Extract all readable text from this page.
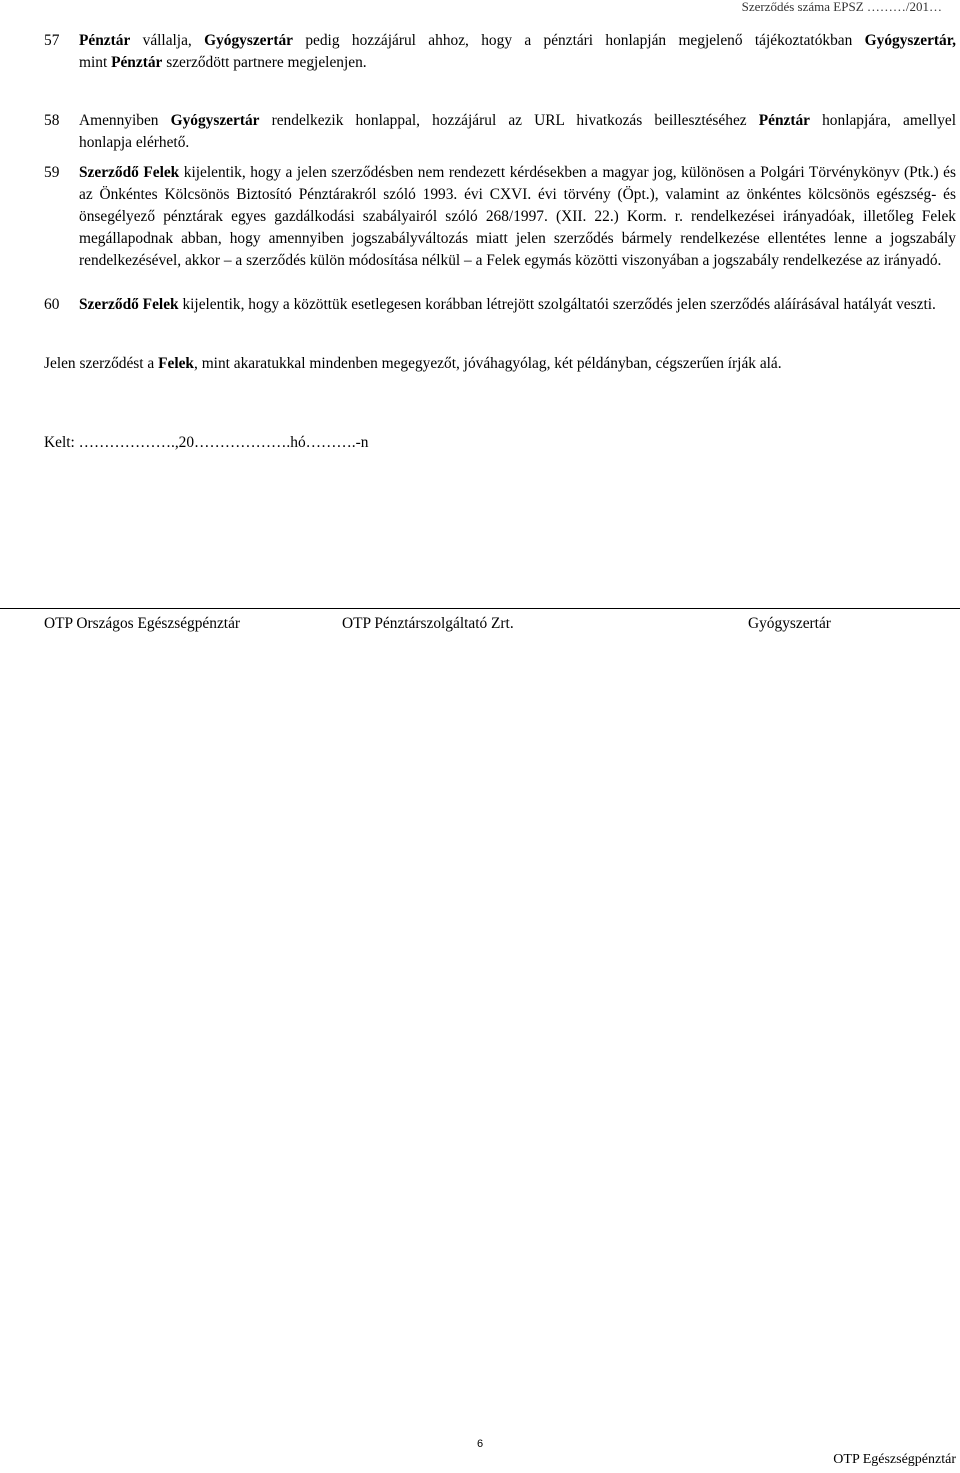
Szerződés száma EPSZ ………/201…
57 Pénztár vállalja, Gyógyszertár pedig hozzájárul ahhoz, hogy a pénztári honlapján megjelenő tájékoztatókban Gyógyszertár,
mint Pénztár szerződött partnere megjelenjen.
58 Amennyiben Gyógyszertár rendelkezik honlappal, hozzájárul az URL hivatkozás beillesztéséhez Pénztár honlapjára, amellyel
honlapja elérhető.
59 Szerződő Felek kijelentik, hogy a jelen szerződésben nem rendezett kérdésekben a magyar jog, különösen a Polgári Törvénykönyv (Ptk.) és az Önkéntes Kölcsönös Biztosító Pénztárakról szóló 1993. évi CXVI. évi törvény (Öpt.), valamint az önkéntes kölcsönös egészség- és önsegélyező pénztárak egyes gazdálkodási szabályairól szóló 268/1997. (XII. 22.) Korm. r. rendelkezései irányadóak, illetőleg Felek megállapodnak abban, hogy amennyiben jogszabályváltozás miatt jelen szerződés bármely rendelkezése ellentétes lenne a jogszabály rendelkezésével, akkor – a szerződés külön módosítása nélkül – a Felek egymás közötti viszonyában a jogszabály rendelkezése az irányadó.
60 Szerződő Felek kijelentik, hogy a közöttük esetlegesen korábban létrejött szolgáltatói szerződés jelen szerződés aláírásával hatályát veszti.
Jelen szerződést a Felek, mint akaratukkal mindenben megegyezőt, jóváhagyólag, két példányban, cégszerűen írják alá.
Kelt: ……………….,20……………….hó……….-n
OTP Országos Egészségpénztár	OTP Pénztárszolgáltató Zrt.	Gyógyszertár
6
OTP Egészségpénztár
